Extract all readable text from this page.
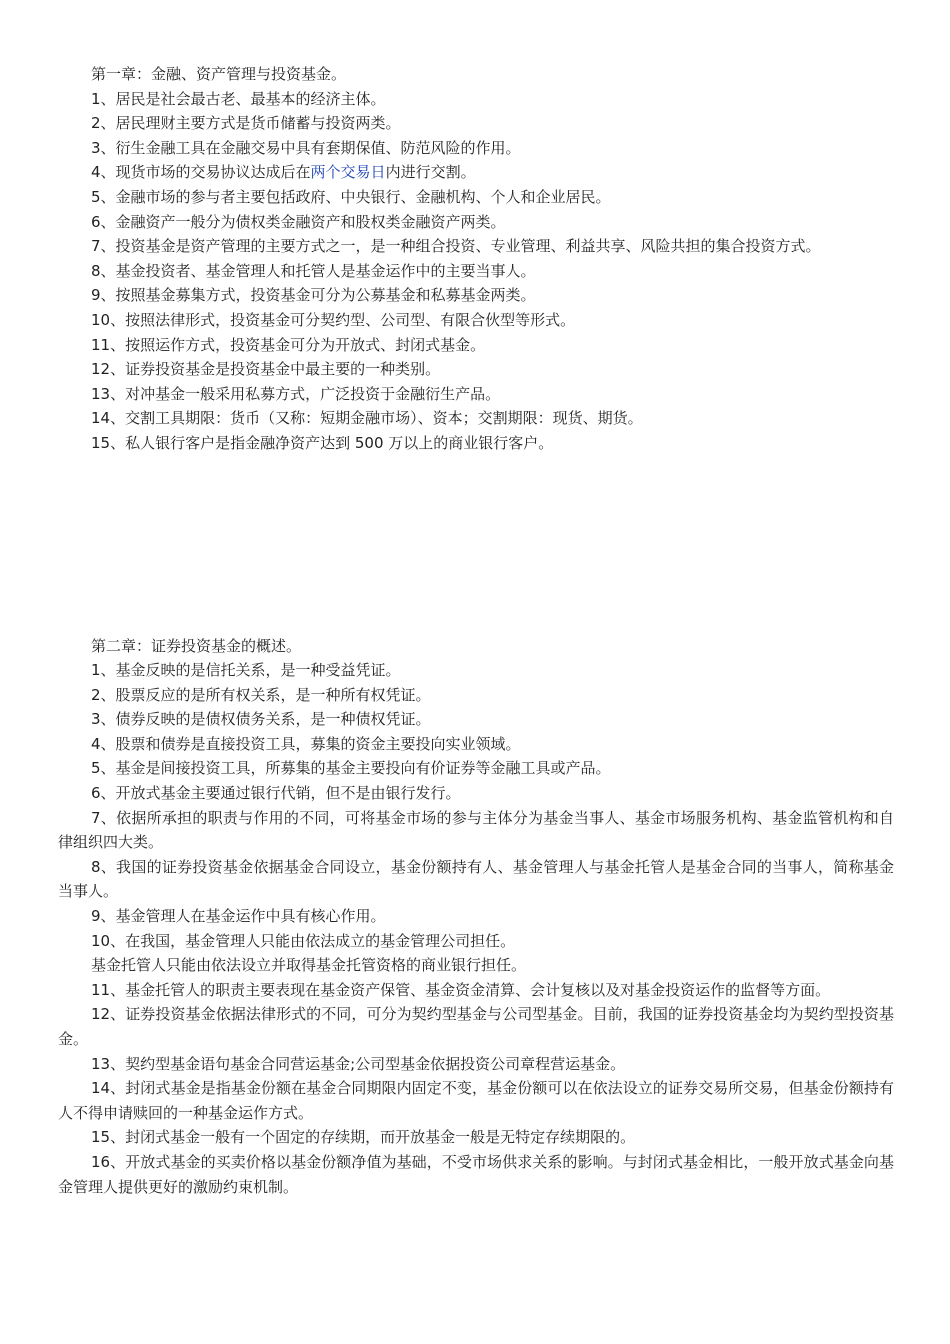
第一章：金融、资产管理与投资基金。

1、居民是社会最古老、最基本的经济主体。

2、居民理财主要方式是货币储蓄与投资两类。

3、衍生金融工具在金融交易中具有套期保值、防范风险的作用。

4、现货市场的交易协议达成后在两个交易日内进行交割。

5、金融市场的参与者主要包括政府、中央银行、金融机构、个人和企业居民。

6、金融资产一般分为债权类金融资产和股权类金融资产两类。

7、投资基金是资产管理的主要方式之一，是一种组合投资、专业管理、利益共享、风险共担的集合投资方式。

8、基金投资者、基金管理人和托管人是基金运作中的主要当事人。

9、按照基金募集方式，投资基金可分为公募基金和私募基金两类。

10、按照法律形式，投资基金可分契约型、公司型、有限合伙型等形式。

11、按照运作方式，投资基金可分为开放式、封闭式基金。

12、证券投资基金是投资基金中最主要的一种类别。

13、对冲基金一般采用私募方式，广泛投资于金融衍生产品。

14、交割工具期限：货币（又称：短期金融市场）、资本；交割期限：现货、期货。

15、私人银行客户是指金融净资产达到 500 万以上的商业银行客户。

第二章：证券投资基金的概述。

1、基金反映的是信托关系，是一种受益凭证。

2、股票反应的是所有权关系，是一种所有权凭证。

3、债券反映的是债权债务关系，是一种债权凭证。

4、股票和债券是直接投资工具，募集的资金主要投向实业领域。

5、基金是间接投资工具，所募集的基金主要投向有价证券等金融工具或产品。

6、开放式基金主要通过银行代销，但不是由银行发行。

7、依据所承担的职责与作用的不同，可将基金市场的参与主体分为基金当事人、基金市场服务机构、基金监管机构和自律组织四大类。

8、我国的证券投资基金依据基金合同设立，基金份额持有人、基金管理人与基金托管人是基金合同的当事人，简称基金当事人。

9、基金管理人在基金运作中具有核心作用。

10、在我国，基金管理人只能由依法成立的基金管理公司担任。

基金托管人只能由依法设立并取得基金托管资格的商业银行担任。

11、基金托管人的职责主要表现在基金资产保管、基金资金清算、会计复核以及对基金投资运作的监督等方面。

12、证券投资基金依据法律形式的不同，可分为契约型基金与公司型基金。目前，我国的证券投资基金均为契约型投资基金。

13、契约型基金语句基金合同营运基金;公司型基金依据投资公司章程营运基金。

14、封闭式基金是指基金份额在基金合同期限内固定不变，基金份额可以在依法设立的证券交易所交易，但基金份额持有人不得申请赎回的一种基金运作方式。

15、封闭式基金一般有一个固定的存续期，而开放基金一般是无特定存续期限的。

16、开放式基金的买卖价格以基金份额净值为基础，不受市场供求关系的影响。与封闭式基金相比，一般开放式基金向基金管理人提供更好的激励约束机制。
